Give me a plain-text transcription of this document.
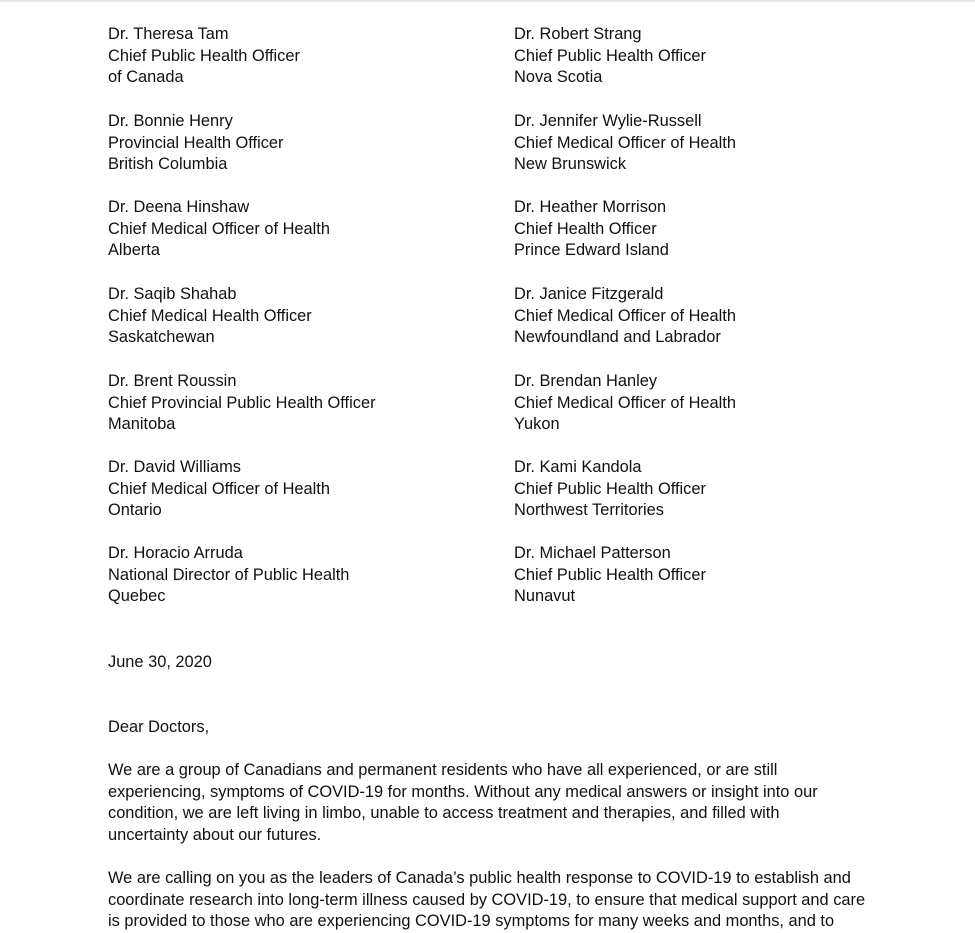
Dr. Theresa Tam
Chief Public Health Officer
of Canada
Dr. Robert Strang
Chief Public Health Officer
Nova Scotia
Dr. Bonnie Henry
Provincial Health Officer
British Columbia
Dr. Jennifer Wylie-Russell
Chief Medical Officer of Health
New Brunswick
Dr. Deena Hinshaw
Chief Medical Officer of Health
Alberta
Dr. Heather Morrison
Chief Health Officer
Prince Edward Island
Dr. Saqib Shahab
Chief Medical Health Officer
Saskatchewan
Dr. Janice Fitzgerald
Chief Medical Officer of Health
Newfoundland and Labrador
Dr. Brent Roussin
Chief Provincial Public Health Officer
Manitoba
Dr. Brendan Hanley
Chief Medical Officer of Health
Yukon
Dr. David Williams
Chief Medical Officer of Health
Ontario
Dr. Kami Kandola
Chief Public Health Officer
Northwest Territories
Dr. Horacio Arruda
National Director of Public Health
Quebec
Dr. Michael Patterson
Chief Public Health Officer
Nunavut
June 30, 2020
Dear Doctors,

We are a group of Canadians and permanent residents who have all experienced, or are still
experiencing, symptoms of COVID-19 for months. Without any medical answers or insight into our
condition, we are left living in limbo, unable to access treatment and therapies, and filled with
uncertainty about our futures.

We are calling on you as the leaders of Canada’s public health response to COVID-19 to establish and
coordinate research into long-term illness caused by COVID-19, to ensure that medical support and care
is provided to those who are experiencing COVID-19 symptoms for many weeks and months, and to
